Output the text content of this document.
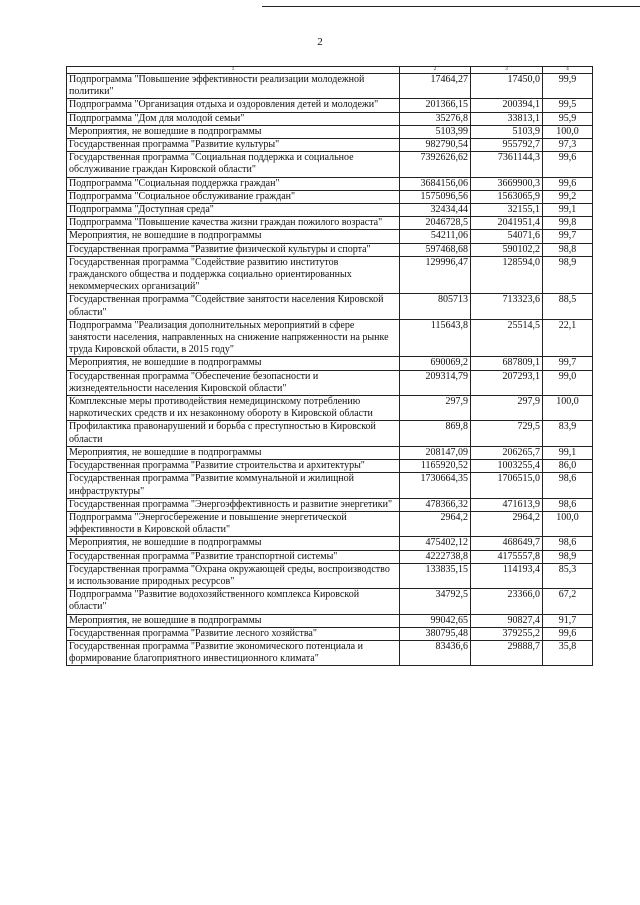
2
1	2	3	4
Подпрограмма "Повышение эффективности реализации молодежной политики"	17464,27	17450,0	99,9
Подпрограмма "Организация отдыха и оздоровления детей и молодежи"	201366,15	200394,1	99,5
Подпрограмма "Дом для молодой семьи"	35276,8	33813,1	95,9
Мероприятия, не вошедшие в подпрограммы	5103,99	5103,9	100,0
Государственная программа "Развитие культуры"	982790,54	955792,7	97,3
Государственная программа "Социальная поддержка и социальное обслуживание граждан Кировской области"	7392626,62	7361144,3	99,6
Подпрограмма "Социальная поддержка граждан"	3684156,06	3669900,3	99,6
Подпрограмма "Социальное обслуживание граждан"	1575096,56	1563065,9	99,2
Подпрограмма "Доступная среда"	32434,44	32155,1	99,1
Подпрограмма "Повышение качества жизни граждан пожилого возраста"	2046728,5	2041951,4	99,8
Мероприятия, не вошедшие в подпрограммы	54211,06	54071,6	99,7
Государственная программа "Развитие физической культуры и спорта"	597468,68	590102,2	98,8
Государственная программа "Содействие развитию институтов гражданского общества и поддержка социально ориентированных некоммерческих организаций"	129996,47	128594,0	98,9
Государственная программа "Содействие занятости населения Кировской области"	805713	713323,6	88,5
Подпрограмма "Реализация дополнительных мероприятий в сфере занятости населения, направленных на снижение напряженности на рынке труда Кировской области, в 2015 году"	115643,8	25514,5	22,1
Мероприятия, не вошедшие в подпрограммы	690069,2	687809,1	99,7
Государственная программа "Обеспечение безопасности и жизнедеятельности населения Кировской области"	209314,79	207293,1	99,0
Комплексные меры противодействия немедицинскому потреблению наркотических средств и их незаконному обороту в Кировской области	297,9	297,9	100,0
Профилактика правонарушений и борьба с преступностью в Кировской области	869,8	729,5	83,9
Мероприятия, не вошедшие в подпрограммы	208147,09	206265,7	99,1
Государственная программа "Развитие строительства и архитектуры"	1165920,52	1003255,4	86,0
Государственная программа "Развитие коммунальной и жилищной инфраструктуры"	1730664,35	1706515,0	98,6
Государственная программа "Энергоэффективность и развитие энергетики"	478366,32	471613,9	98,6
Подпрограмма "Энергосбережение и повышение энергетической эффективности в Кировской области"	2964,2	2964,2	100,0
Мероприятия, не вошедшие в подпрограммы	475402,12	468649,7	98,6
Государственная программа "Развитие транспортной системы"	4222738,8	4175557,8	98,9
Государственная программа "Охрана окружающей среды, воспроизводство и использование природных ресурсов"	133835,15	114193,4	85,3
Подпрограмма "Развитие водохозяйственного комплекса Кировской области"	34792,5	23366,0	67,2
Мероприятия, не вошедшие в подпрограммы	99042,65	90827,4	91,7
Государственная программа "Развитие лесного хозяйства"	380795,48	379255,2	99,6
Государственная программа "Развитие экономического потенциала и формирование благоприятного инвестиционного климата"	83436,6	29888,7	35,8
